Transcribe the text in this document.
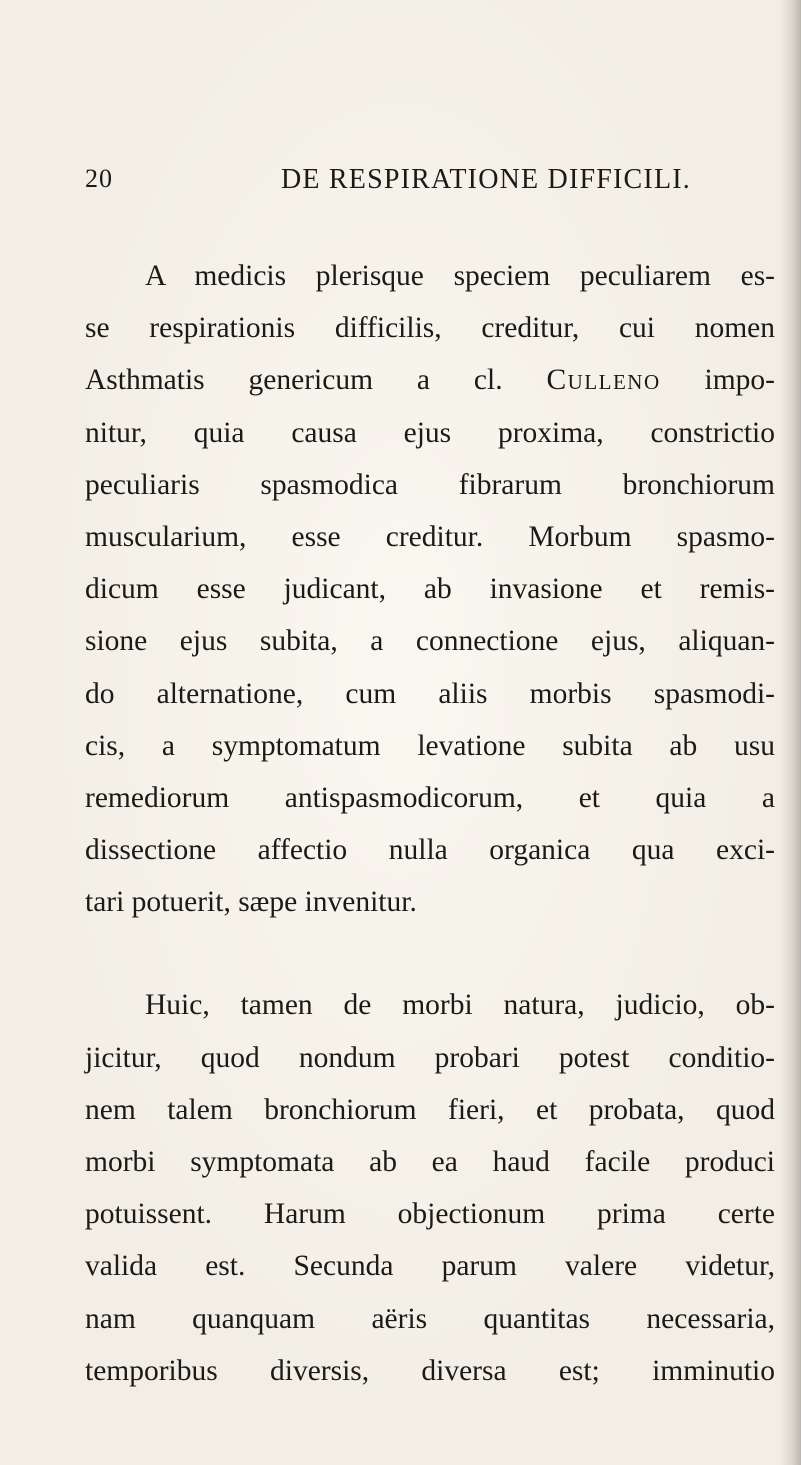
20	DE RESPIRATIONE DIFFICILI.
A medicis plerisque speciem peculiarem es-
se respirationis difficilis, creditur, cui nomen
Asthmatis genericum a cl. Culleno impo-
nitur, quia causa ejus proxima, constrictio
peculiaris spasmodica fibrarum bronchiorum
muscularium, esse creditur. Morbum spasmo-
dicum esse judicant, ab invasione et remis-
sione ejus subita, a connectione ejus, aliquan-
do alternatione, cum aliis morbis spasmodi-
cis, a symptomatum levatione subita ab usu
remediorum antispasmodicorum, et quia a
dissectione affectio nulla organica qua exci-
tari potuerit, sæpe invenitur.
Huic, tamen de morbi natura, judicio, ob-
jicitur, quod nondum probari potest conditio-
nem talem bronchiorum fieri, et probata, quod
morbi symptomata ab ea haud facile produci
potuissent. Harum objectionum prima certe
valida est. Secunda parum valere videtur,
nam quanquam aëris quantitas necessaria,
temporibus diversis, diversa est; imminutio
